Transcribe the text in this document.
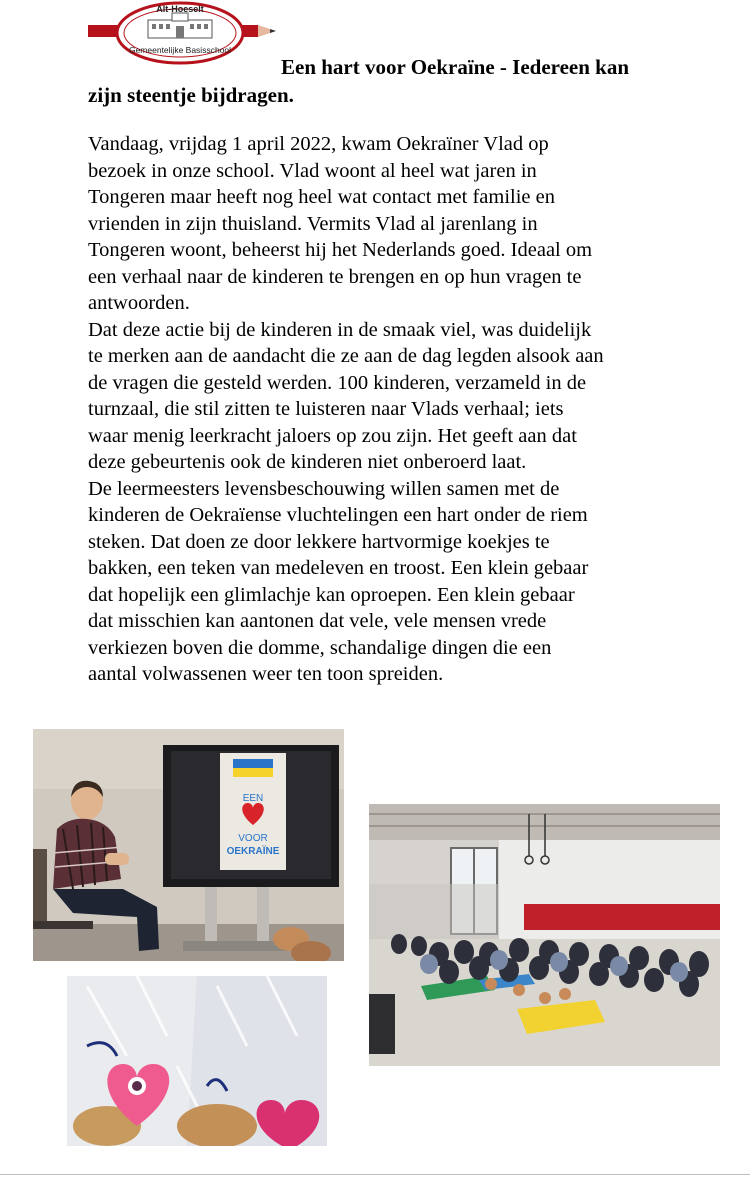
Alt-Hoeselt
Gemeentelijke Basisschool
Een hart voor Oekraïne - Iedereen kan
zijn steentje bijdragen.
Vandaag, vrijdag 1 april 2022, kwam Oekraïner Vlad op
bezoek in onze school. Vlad woont al heel wat jaren in
Tongeren maar heeft nog heel wat contact met familie en
vrienden in zijn thuisland. Vermits Vlad al jarenlang in
Tongeren woont, beheerst hij het Nederlands goed. Ideaal om
een verhaal naar de kinderen te brengen en op hun vragen te
antwoorden.
Dat deze actie bij de kinderen in de smaak viel, was duidelijk
te merken aan de aandacht die ze aan de dag legden alsook aan
de vragen die gesteld werden. 100 kinderen, verzameld in de
turnzaal, die stil zitten te luisteren naar Vlads verhaal; iets
waar menig leerkracht jaloers op zou zijn. Het geeft aan dat
deze gebeurtenis ook de kinderen niet onberoerd laat.
De leermeesters levensbeschouwing willen samen met de
kinderen de Oekraïense vluchtelingen een hart onder de riem
steken. Dat doen ze door lekkere hartvormige koekjes te
bakken, een teken van medeleven en troost. Een klein gebaar
dat hopelijk een glimlachje kan oproepen. Een klein gebaar
dat misschien kan aantonen dat vele, vele mensen vrede
verkiezen boven die domme, schandalige dingen die een
aantal volwassenen weer ten toon spreiden.
EEN
VOOR
OEKRAÏNE
